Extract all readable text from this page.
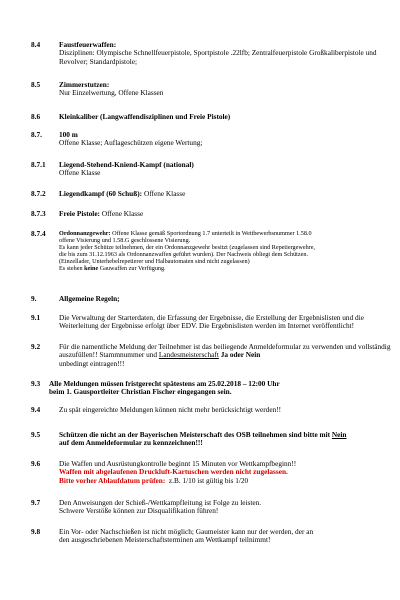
8.4	Faustfeuerwaffen:
Disziplinen: Olympische Schnellfeuerpistole, Sportpistole .22lfb; Zentralfeuerpistole Großkaliberpistole und Revolver; Standardpistole;
8.5	Zimmerstutzen:
Nur Einzelwertung, Offene Klassen
8.6	Kleinkaliber (Langwaffendisziplinen und Freie Pistole)
8.7. 100 m
Offene Klasse; Auflageschützen eigene Wertung;
8.7.1 Liegend-Stehend-Kniend-Kampf (national)
Offene Klasse
8.7.2 Liegendkampf (60 Schuß): Offene Klasse
8.7.3 Freie Pistole: Offene Klasse
8.7.4 Ordonnanzgewehr: Offene Klasse gemäß Sportordnung 1.7 unterteilt in Wettbewerbsnummer 1.58.0
offene Visierung und 1.58.G geschlossene Visierung.
Es kann jeder Schütze teilnehmen, der ein Ordonnanzgewehr besitzt (zugelassen sind Repetiergewehre,
die bis zum 31.12.1963 als Ordonnanzwaffen geführt wurden). Der Nachweis obliegt dem Schützen.
(Einzellader, Unterhebelrepetierer und Halbautomaten sind nicht zugelassen)
Es stehen keine Gauwaffen zur Verfügung.
9.	Allgemeine Regeln;
9.1	Die Verwaltung der Starterdaten, die Erfassung der Ergebnisse, die Erstellung der Ergebnislisten und die Weiterleitung der Ergebnisse erfolgt über EDV. Die Ergebnislisten werden im Internet veröffentlicht!
9.2	Für die namentliche Meldung der Teilnehmer ist das beiliegende Anmeldeformular zu verwenden und vollständig auszufüllen!! Stammnummer und Landesmeisterschaft Ja oder Nein
unbedingt eintragen!!!
9.3 Alle Meldungen müssen fristgerecht spätestens am 25.02.2018 – 12:00 Uhr
beim 1. Gausportleiter Christian Fischer eingegangen sein.
9.4	Zu spät eingereichte Meldungen können nicht mehr berücksichtigt werden!!
9.5	Schützen die nicht an der Bayerischen Meisterschaft des OSB teilnehmen sind bitte mit Nein
auf dem Anmeldeformular zu kennzeichnen!!!
9.6	Die Waffen und Ausrüstungkontrolle beginnt 15 Minuten vor Wettkampfbeginn!!
Waffen mit abgelaufenen Druckluft-Kartuschen werden nicht zugelassen.
Bitte vorher Ablaufdatum prüfen:  z.B. 1/10 ist gültig bis 1/20
9.7	Den Anweisungen der Schieß-/Wettkampfleitung ist Folge zu leisten.
Schwere Verstöße können zur Disqualifikation führen!
9.8	Ein Vor- oder Nachschießen ist nicht möglich; Gaumeister kann nur der werden, der an
den ausgeschriebenen Meisterschaftsterminen am Wettkampf teilnimmt!
